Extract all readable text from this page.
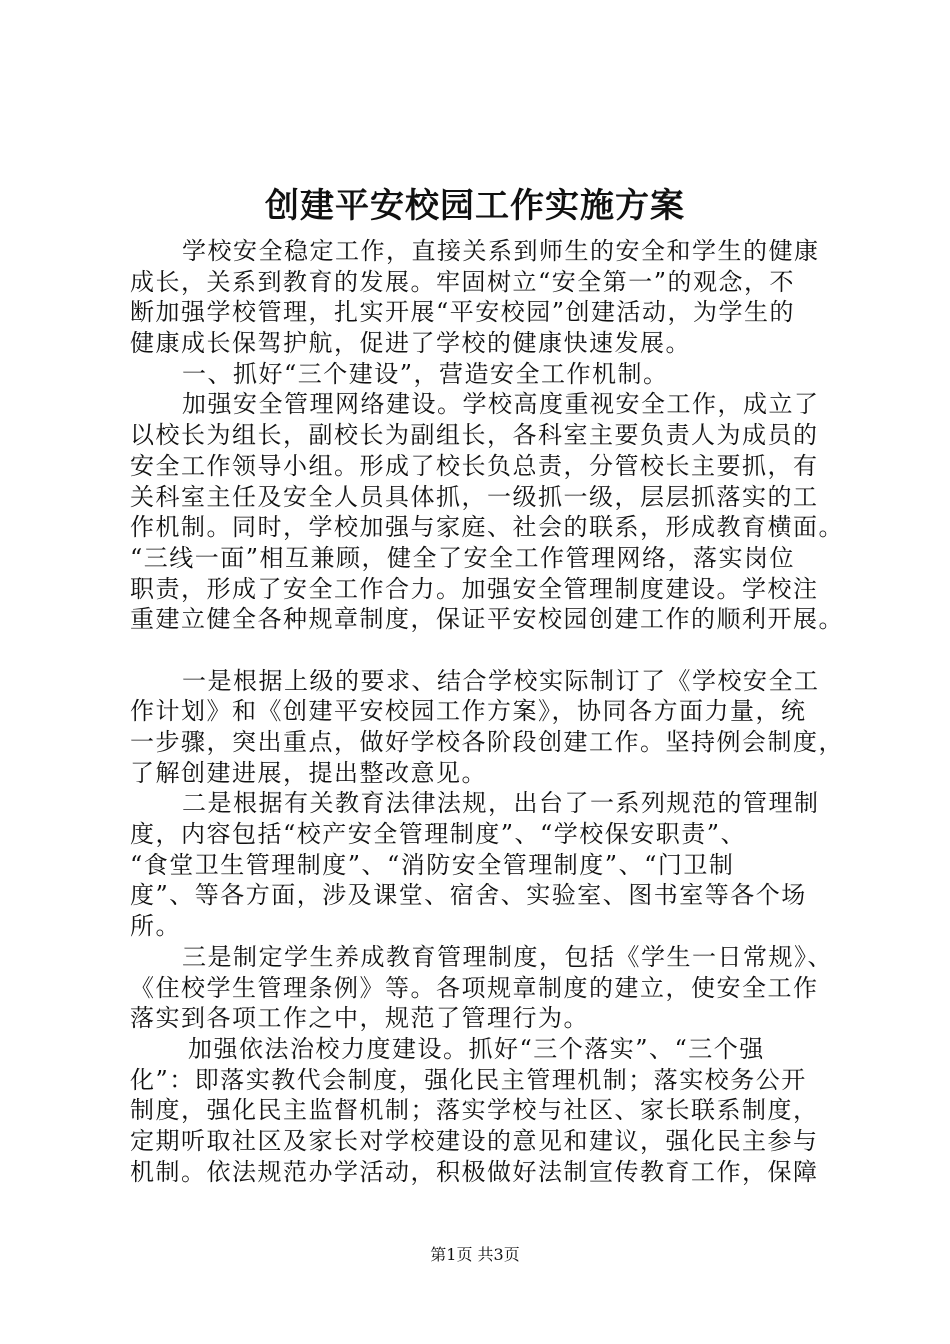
创建平安校园工作实施方案
学校安全稳定工作，直接关系到师生的安全和学生的健康
成长，关系到教育的发展。牢固树立“安全第一”的观念，不
断加强学校管理，扎实开展“平安校园”创建活动，为学生的
健康成长保驾护航，促进了学校的健康快速发展。
一、抓好“三个建设”，营造安全工作机制。
加强安全管理网络建设。学校高度重视安全工作，成立了
以校长为组长，副校长为副组长，各科室主要负责人为成员的
安全工作领导小组。形成了校长负总责，分管校长主要抓，有
关科室主任及安全人员具体抓，一级抓一级，层层抓落实的工
作机制。同时，学校加强与家庭、社会的联系，形成教育横面。
“三线一面”相互兼顾，健全了安全工作管理网络，落实岗位
职责，形成了安全工作合力。加强安全管理制度建设。学校注
重建立健全各种规章制度，保证平安校园创建工作的顺利开展。
一是根据上级的要求、结合学校实际制订了《学校安全工
作计划》和《创建平安校园工作方案》，协同各方面力量，统
一步骤，突出重点，做好学校各阶段创建工作。坚持例会制度，
了解创建进展，提出整改意见。
二是根据有关教育法律法规，出台了一系列规范的管理制
度，内容包括“校产安全管理制度”、“学校保安职责”、
“食堂卫生管理制度”、“消防安全管理制度”、“门卫制
度”、等各方面，涉及课堂、宿舍、实验室、图书室等各个场
所。
三是制定学生养成教育管理制度，包括《学生一日常规》、
《住校学生管理条例》等。各项规章制度的建立，使安全工作
落实到各项工作之中，规范了管理行为。
加强依法治校力度建设。抓好“三个落实”、“三个强
化”：即落实教代会制度，强化民主管理机制；落实校务公开
制度，强化民主监督机制；落实学校与社区、家长联系制度，
定期听取社区及家长对学校建设的意见和建议，强化民主参与
机制。依法规范办学活动，积极做好法制宣传教育工作，保障
第1页 共3页
